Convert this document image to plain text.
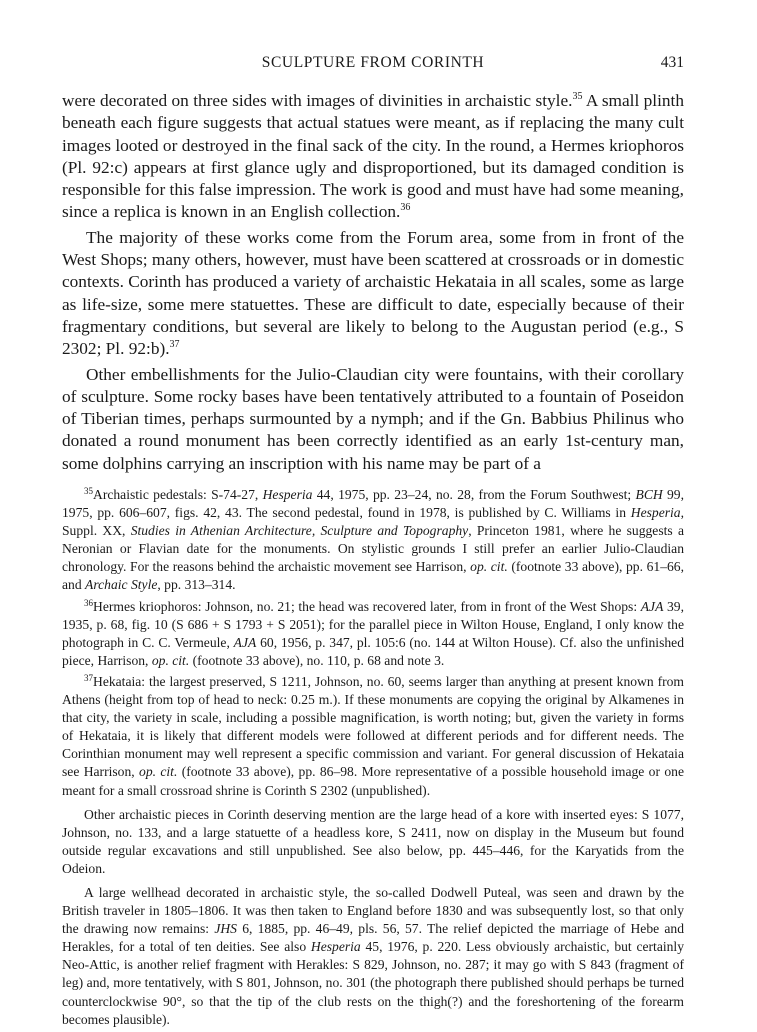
SCULPTURE FROM CORINTH	431

were decorated on three sides with images of divinities in archaistic style.$^{35}$ A small plinth beneath each figure suggests that actual statues were meant, as if replacing the many cult images looted or destroyed in the final sack of the city. In the round, a Hermes kriophoros (Pl. 92:c) appears at first glance ugly and disproportioned, but its damaged condition is responsible for this false impression. The work is good and must have had some meaning, since a replica is known in an English collection.$^{36}$

The majority of these works come from the Forum area, some from in front of the West Shops; many others, however, must have been scattered at crossroads or in domestic contexts. Corinth has produced a variety of archaistic Hekataia in all scales, some as large as life-size, some mere statuettes. These are difficult to date, especially because of their fragmentary conditions, but several are likely to belong to the Augustan period (e.g., S 2302; Pl. 92:b).$^{37}$

Other embellishments for the Julio-Claudian city were fountains, with their corollary of sculpture. Some rocky bases have been tentatively attributed to a fountain of Poseidon of Tiberian times, perhaps surmounted by a nymph; and if the Gn. Babbius Philinus who donated a round monument has been correctly identified as an early 1st-century man, some dolphins carrying an inscription with his name may be part of a

$^{35}$Archaistic pedestals: S-74-27, Hesperia 44, 1975, pp. 23–24, no. 28, from the Forum Southwest; BCH 99, 1975, pp. 606–607, figs. 42, 43. The second pedestal, found in 1978, is published by C. Williams in Hesperia, Suppl. XX, Studies in Athenian Architecture, Sculpture and Topography, Princeton 1981, where he suggests a Neronian or Flavian date for the monuments. On stylistic grounds I still prefer an earlier Julio-Claudian chronology. For the reasons behind the archaistic movement see Harrison, op. cit. (footnote 33 above), pp. 61–66, and Archaic Style, pp. 313–314.

$^{36}$Hermes kriophoros: Johnson, no. 21; the head was recovered later, from in front of the West Shops: AJA 39, 1935, p. 68, fig. 10 (S 686 + S 1793 + S 2051); for the parallel piece in Wilton House, England, I only know the photograph in C. C. Vermeule, AJA 60, 1956, p. 347, pl. 105:6 (no. 144 at Wilton House). Cf. also the unfinished piece, Harrison, op. cit. (footnote 33 above), no. 110, p. 68 and note 3.

$^{37}$Hekataia: the largest preserved, S 1211, Johnson, no. 60, seems larger than anything at present known from Athens (height from top of head to neck: 0.25 m.). If these monuments are copying the original by Alkamenes in that city, the variety in scale, including a possible magnification, is worth noting; but, given the variety in forms of Hekataia, it is likely that different models were followed at different periods and for different needs. The Corinthian monument may well represent a specific commission and variant. For general discussion of Hekataia see Harrison, op. cit. (footnote 33 above), pp. 86–98. More representative of a possible household image or one meant for a small crossroad shrine is Corinth S 2302 (unpublished).

Other archaistic pieces in Corinth deserving mention are the large head of a kore with inserted eyes: S 1077, Johnson, no. 133, and a large statuette of a headless kore, S 2411, now on display in the Museum but found outside regular excavations and still unpublished. See also below, pp. 445–446, for the Karyatids from the Odeion.

A large wellhead decorated in archaistic style, the so-called Dodwell Puteal, was seen and drawn by the British traveler in 1805–1806. It was then taken to England before 1830 and was subsequently lost, so that only the drawing now remains: JHS 6, 1885, pp. 46–49, pls. 56, 57. The relief depicted the marriage of Hebe and Herakles, for a total of ten deities. See also Hesperia 45, 1976, p. 220. Less obviously archaistic, but certainly Neo-Attic, is another relief fragment with Herakles: S 829, Johnson, no. 287; it may go with S 843 (fragment of leg) and, more tentatively, with S 801, Johnson, no. 301 (the photograph there published should perhaps be turned counterclockwise 90°, so that the tip of the club rests on the thigh(?) and the foreshortening of the forearm becomes plausible).
